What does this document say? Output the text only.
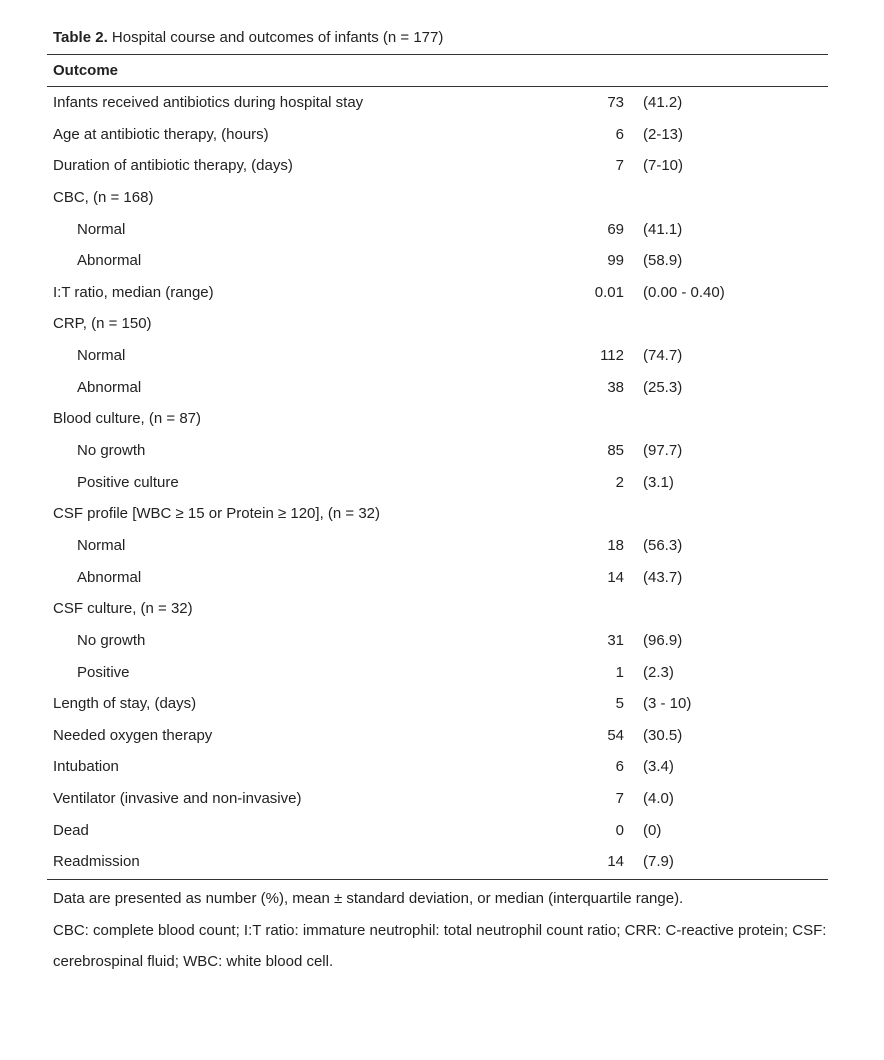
Table 2. Hospital course and outcomes of infants (n = 177)
Outcome
Infants received antibiotics during hospital stay	73 (41.2)
Age at antibiotic therapy, (hours)	6 (2-13)
Duration of antibiotic therapy, (days)	7 (7-10)
CBC, (n = 168)
Normal	69 (41.1)
Abnormal	99 (58.9)
I:T ratio, median (range)	0.01 (0.00 - 0.40)
CRP, (n = 150)
Normal	112 (74.7)
Abnormal	38 (25.3)
Blood culture, (n = 87)
No growth	85 (97.7)
Positive culture	2 (3.1)
CSF profile [WBC ≥ 15 or Protein ≥ 120], (n = 32)
Normal	18 (56.3)
Abnormal	14 (43.7)
CSF culture, (n = 32)
No growth	31 (96.9)
Positive	1 (2.3)
Length of stay, (days)	5 (3 - 10)
Needed oxygen therapy	54 (30.5)
Intubation	6 (3.4)
Ventilator (invasive and non-invasive)	7 (4.0)
Dead	0 (0)
Readmission	14 (7.9)

Data are presented as number (%), mean ± standard deviation, or median (interquartile range).

CBC: complete blood count; I:T ratio: immature neutrophil: total neutrophil count ratio; CRR: C-reactive protein; CSF: cerebrospinal fluid; WBC: white blood cell.
